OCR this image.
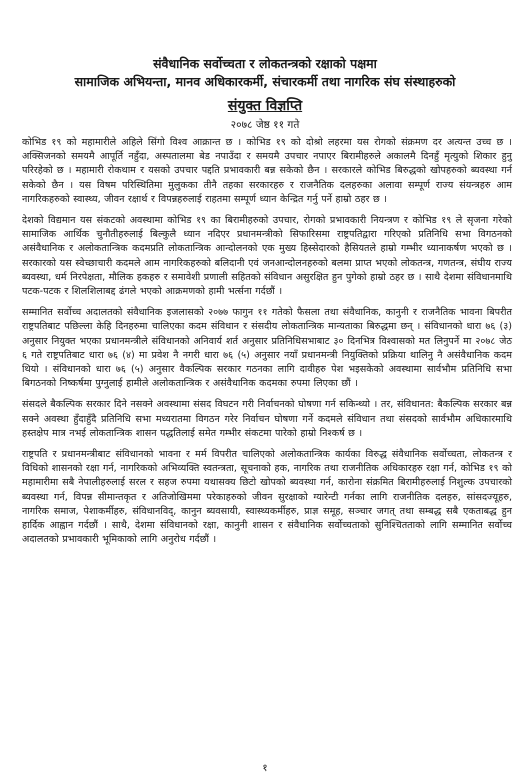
संवैधानिक सर्वोच्चता र लोकतन्त्रको रक्षाको पक्षमा
सामाजिक अभियन्ता, मानव अधिकारकर्मी, संचारकर्मी तथा नागरिक संघ संस्थाहरुको
संयुक्त विज्ञप्ति
२०७८ जेष्ठ ११ गते

कोभिड १९ को महामारीले अहिले सिंगो विश्व आक्रान्त छ । कोभिड १९ को दोश्रो लहरमा यस रोगको संक्रमण दर अत्यन्त उच्च छ । अक्सिजनको समयमै आपूर्ति नहुँदा, अस्पतालमा बेड नपाउँदा र समयमै उपचार नपाएर बिरामीहरुले अकालमै दिनहुँ मृत्युको शिकार हुनु परिरहेको छ । महामारी रोकथाम र यसको उपचार पद्दति प्रभावकारी बन्न सकेको छैन । सरकारले कोभिड बिरुद्धको खोपहरुको ब्यवस्था गर्न सकेको छैन । यस विषम परिस्थितिमा मुलुकका तीनै तहका सरकारहरु र राजनैतिक दलहरुका अलावा सम्पूर्ण राज्य संयन्त्रहरु आम नागरिकहरुको स्वास्थ्य, जीवन रक्षार्थ र विपन्नहरुलाई राहतमा सम्पूर्ण ध्यान केन्द्रित गर्नु पर्ने हाम्रो ठहर छ ।

देशको विद्यमान यस संकटको अवस्थामा कोभिड १९ का बिरामीहरुको उपचार, रोगको प्रभावकारी नियन्त्रण र कोभिड १९ ले सृजना गरेको सामाजिक आर्थिक चुनौतीहरुलाई बिल्कुलै ध्यान नदिएर प्रधानमन्त्रीको सिफारिसमा राष्ट्रपतिद्वारा गरिएको प्रतिनिधि सभा विगठनको असंवैधानिक र अलोकतान्त्रिक कदमप्रति लोकतान्त्रिक आन्दोलनको एक मुख्य हिस्सेदारको हैसियतले हाम्रो गम्भीर ध्यानाकर्षण भएको छ । सरकारको यस स्वेच्छाचारी कदमले आम नागरिकहरुको बलिदानी एवं जनआन्दोलनहरुको बलमा प्राप्त भएको लोकतन्त्र, गणतन्त्र, संघीय राज्य ब्यवस्था, धर्म निरपेक्षता, मौलिक हकहरु र समावेशी प्रणाली सहितको संविधान असुरक्षित हुन पुगेको हाम्रो ठहर छ । साथै देशमा संविधानमाथि पटक-पटक र शिलशिलाबद्द ढंगले भएको आक्रमणको हामी भर्त्सना गर्दछौं ।

सम्मानित सर्वोच्च अदालतको संवैधानिक इजलासको २०७७ फागुन ११ गतेको फैसला तथा संवैधानिक, कानुनी र राजनैतिक भावना बिपरीत राष्ट्रपतिबाट पछिल्ला केहि दिनहरुमा चालिएका कदम संविधान र संसदीय लोकतान्त्रिक मान्यताका बिरुद्धमा छन् । संविधानको धारा ७६ (३) अनुसार नियुक्त भएका प्रधानमन्त्रीले संविधानको अनिवार्य शर्त अनुसार प्रतिनिधिसभाबाट ३० दिनभित्र विश्वासको मत लिनुपर्ने मा २०७८ जेठ ६ गते राष्ट्रपतिबाट धारा ७६ (४) मा प्रवेश नै नगरी धारा ७६ (५) अनुसार नयाँ प्रधानमन्त्री नियुक्तिको प्रक्रिया थालिनु नै असंवैधानिक कदम थियो । संविधानको धारा ७६ (५) अनुसार वैकल्पिक सरकार गठनका लागि दावीहरु पेश भइसकेको अवस्थामा सार्वभौम प्रतिनिधि सभा बिगठनको निष्कर्षमा पुग्नुलाई हामीले अलोकतान्त्रिक र असंवैधानिक कदमका रुपमा लिएका छौं ।

संसदले बैकल्पिक सरकार दिने नसक्ने अवस्थामा संसद विघटन गरी निर्वाचनको घोषणा गर्न सकिन्थ्यो । तर, संविधानत: बैकल्पिक सरकार बन्न सक्ने अवस्था हुँदाहुँदै प्रतिनिधि सभा मध्यरातमा विगठन गरेर निर्वाचन घोषणा गर्ने कदमले संविधान तथा संसदको सार्वभौम अधिकारमाथि हस्तक्षेप मात्र नभई लोकतान्त्रिक शासन पद्धतिलाई समेत गम्भीर संकटमा पारेको हाम्रो निश्कर्ष छ ।

राष्ट्रपति र प्रधानमन्त्रीबाट संविधानको भावना र मर्म विपरीत चालिएको अलोकतान्त्रिक कार्यका विरुद्ध संवैधानिक सर्वोच्चता, लोकतन्त्र र विधिको शासनको रक्षा गर्न, नागरिकको अभिव्यक्ति स्वतन्त्रता, सूचनाको हक, नागरिक तथा राजनीतिक अधिकारहरु रक्षा गर्न, कोभिड १९ को महामारीमा सबै नेपालीहरुलाई सरल र सहज रुपमा यथासक्य छिटो खोपको ब्यवस्था गर्न, कारोना संक्रमित बिरामीहरुलाई निशुल्क उपचारको ब्यवस्था गर्न, विपन्न सीमान्तकृत र अतिजोखिममा परेकाहरुको जीवन सुरक्षाको ग्यारेन्टी गर्नका लागि राजनीतिक दलहरु, सांसदज्यूहरु, नागरिक समाज, पेशाकर्मीहरु, संविधानविद्, कानुन ब्यवसायी, स्वास्थ्यकर्मीहरु, प्राज्ञ समूह, सञ्चार जगत् तथा सम्बद्ध सबै एकताबद्ध हुन हार्दिक आह्वान गर्दछौं । साथै, देशमा संविधानको रक्षा, कानुनी शासन र संवैधानिक सर्वोच्चताको सुनिश्चितताको लागि सम्मानित सर्वोच्च अदालतको प्रभावकारी भूमिकाको लागि अनुरोध गर्दछौं ।

१
